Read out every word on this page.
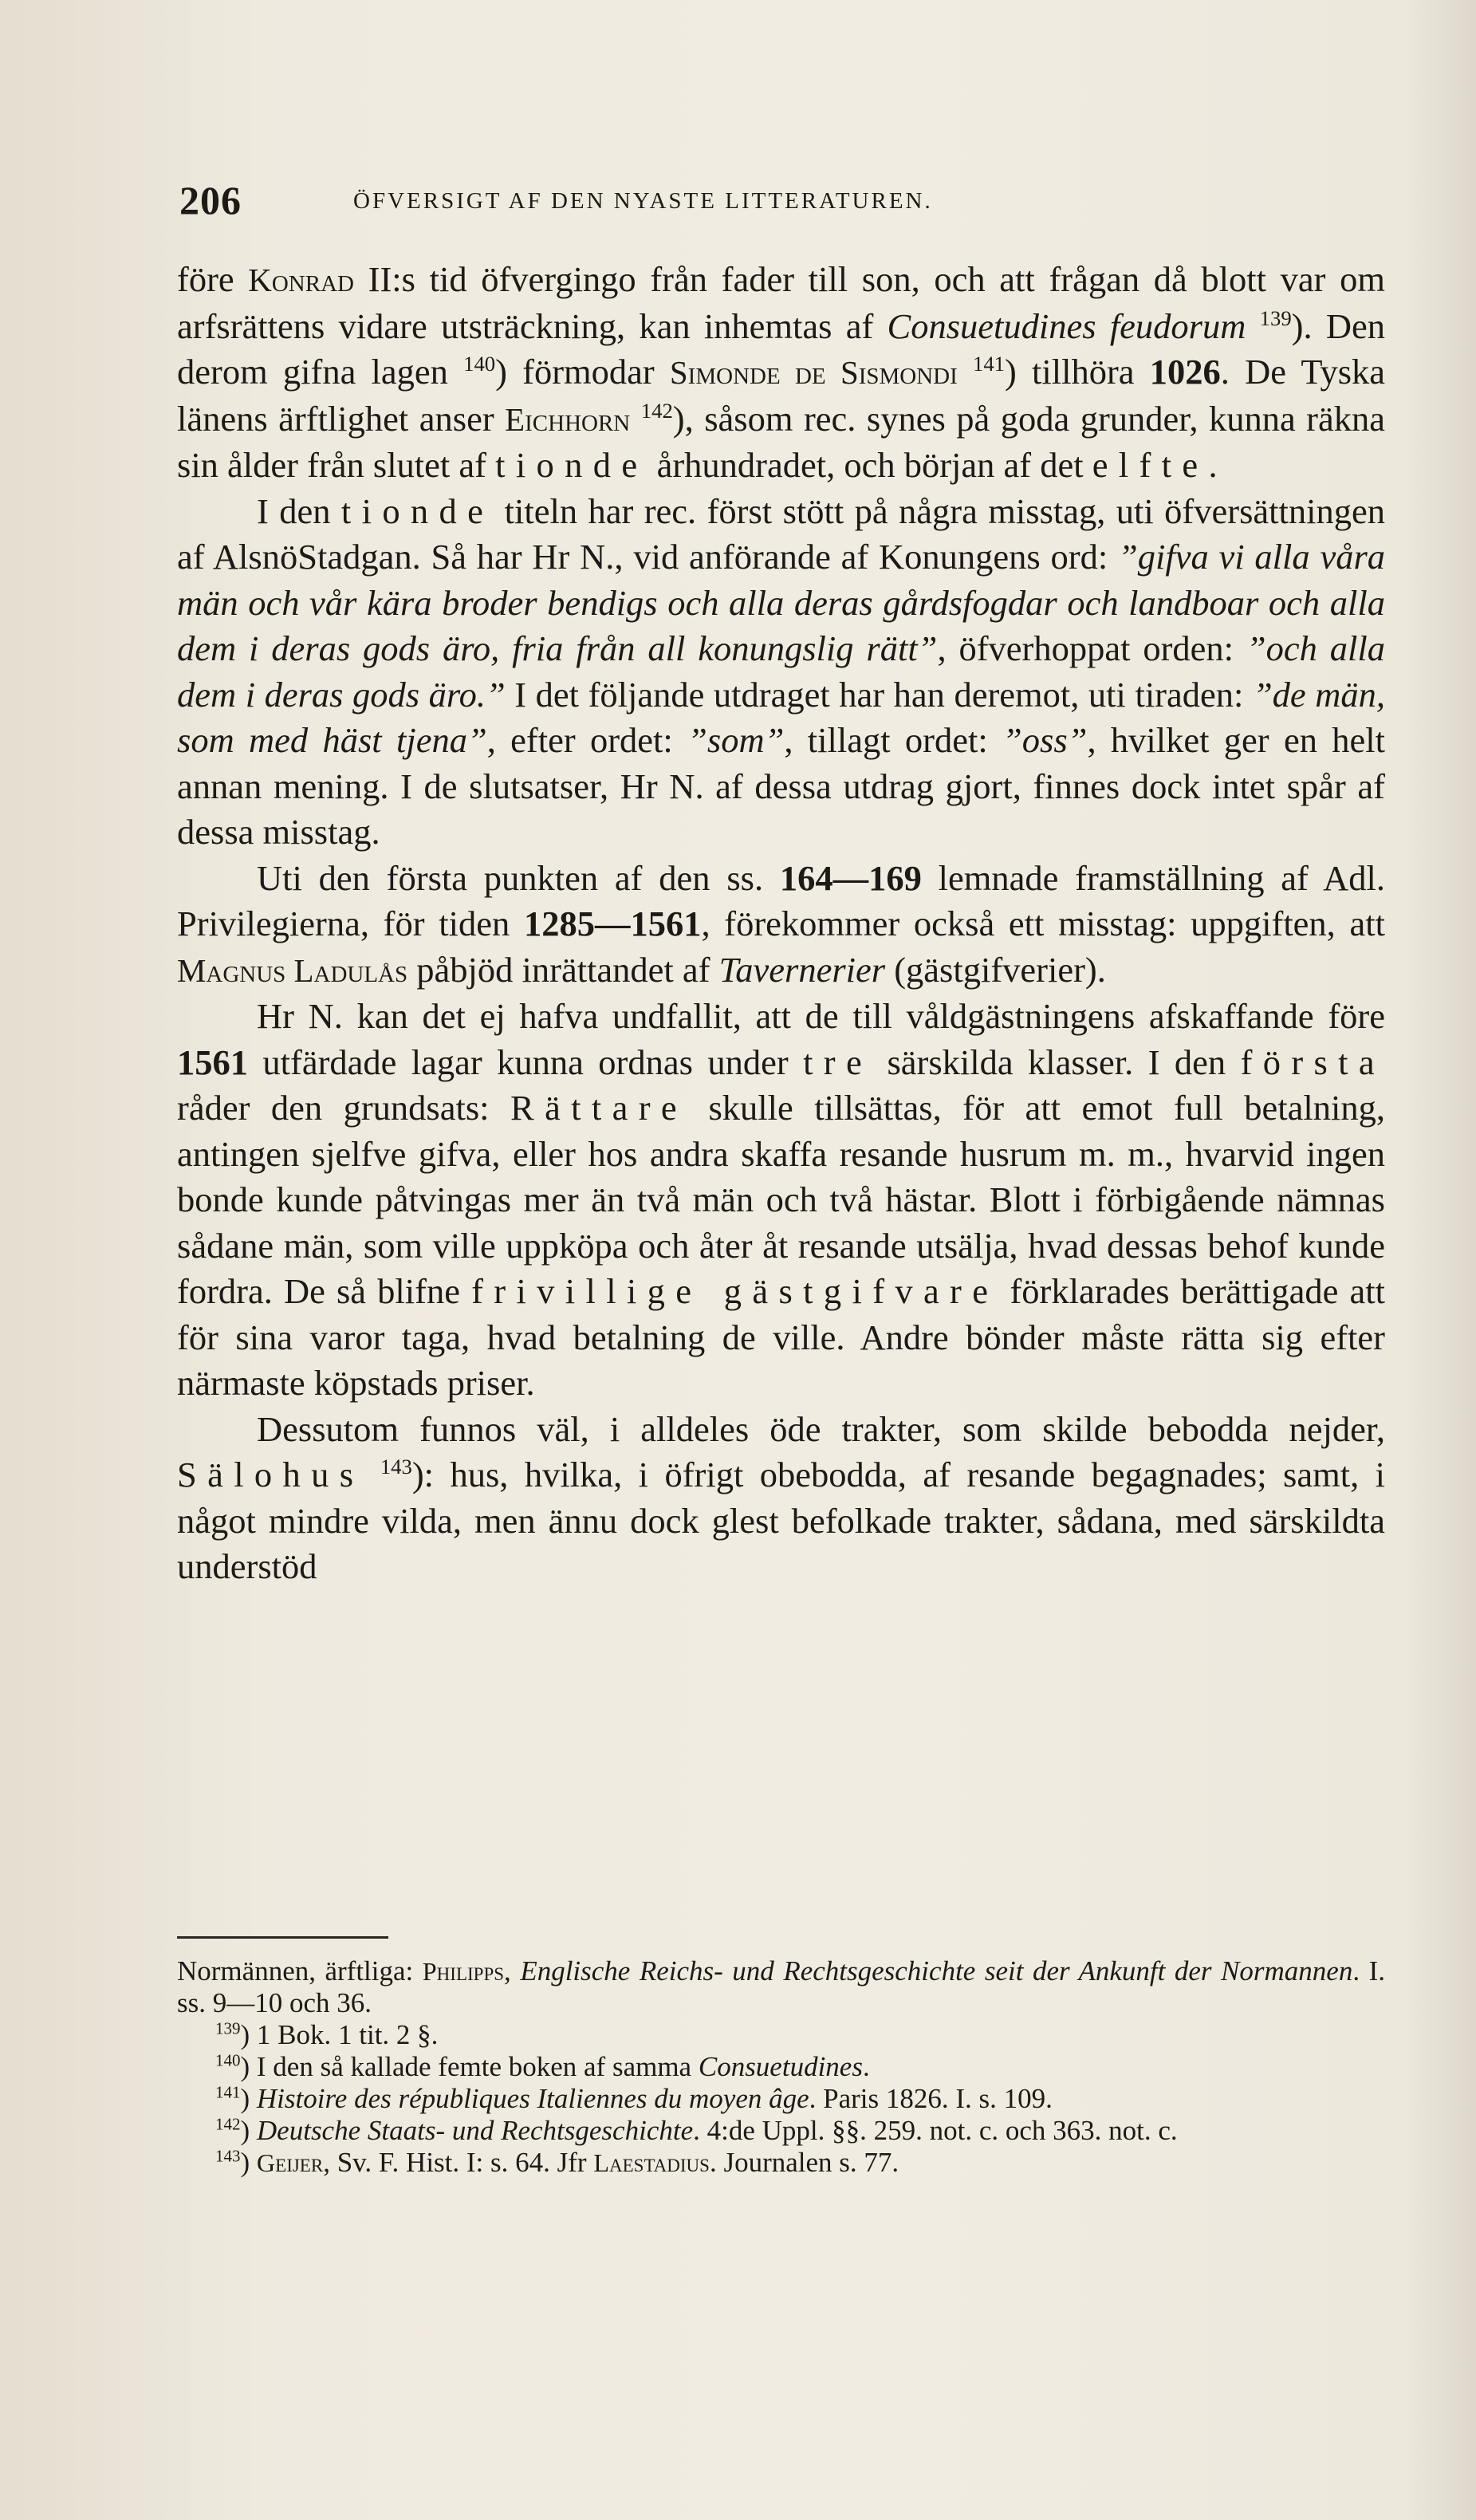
206	ÖFVERSIGT AF DEN NYASTE LITTERATUREN.

före Konrad II:s tid öfvergingo från fader till son, och att frågan då blott var om arfsrättens vidare utsträckning, kan inhemtas af Consuetudines feudorum $^{139}$). Den derom gifna lagen $^{140}$) förmodar Simonde de Sismondi $^{141}$) tillhöra 1026. De Tyska länens ärftlighet anser Eichhorn $^{142}$), såsom rec. synes på goda grunder, kunna räkna sin ålder från slutet af tionde århundradet, och början af det elfte.

I den tionde titeln har rec. först stött på några misstag, uti öfversättningen af AlsnöStadgan. Så har Hr N., vid anförande af Konungens ord: ”gifva vi alla våra män och vår kära broder bendigs och alla deras gårdsfogdar och landboar och alla dem i deras gods äro, fria från all konungslig rätt”, öfverhoppat orden: ”och alla dem i deras gods äro.” I det följande utdraget har han deremot, uti tiraden: ”de män, som med häst tjena”, efter ordet: ”som”, tillagt ordet: ”oss”, hvilket ger en helt annan mening. I de slutsatser, Hr N. af dessa utdrag gjort, finnes dock intet spår af dessa misstag.

Uti den första punkten af den ss. 164—169 lemnade framställning af Adl. Privilegierna, för tiden 1285—1561, förekommer också ett misstag: uppgiften, att Magnus Ladulås påbjöd inrättandet af Tavernerier (gästgifverier).

Hr N. kan det ej hafva undfallit, att de till våldgästningens afskaffande före 1561 utfärdade lagar kunna ordnas under tre särskilda klasser. I den första råder den grundsats: Rättare skulle tillsättas, för att emot full betalning, antingen sjelfve gifva, eller hos andra skaffa resande husrum m. m., hvarvid ingen bonde kunde påtvingas mer än två män och två hästar. Blott i förbigående nämnas sådane män, som ville uppköpa och åter åt resande utsälja, hvad dessas behof kunde fordra. De så blifne frivillige gästgifvare förklarades berättigade att för sina varor taga, hvad betalning de ville. Andre bönder måste rätta sig efter närmaste köpstads priser.

Dessutom funnos väl, i alldeles öde trakter, som skilde bebodda nejder, Sälohus $^{143}$): hus, hvilka, i öfrigt obebodda, af resande begagnades; samt, i något mindre vilda, men ännu dock glest befolkade trakter, sådana, med särskildta understöd

Normännen, ärftliga: Philipps, Englische Reichs- und Rechtsgeschichte seit der Ankunft der Normannen. I. ss. 9—10 och 36.

$^{139}$) 1 Bok. 1 tit. 2 §.

$^{140}$) I den så kallade femte boken af samma Consuetudines.

$^{141}$) Histoire des républiques Italiennes du moyen âge. Paris 1826. I. s. 109.

$^{142}$) Deutsche Staats- und Rechtsgeschichte. 4:de Uppl. §§. 259. not. c. och 363. not. c.

$^{143}$) Geijer, Sv. F. Hist. I: s. 64. Jfr Laestadius. Journalen s. 77.
